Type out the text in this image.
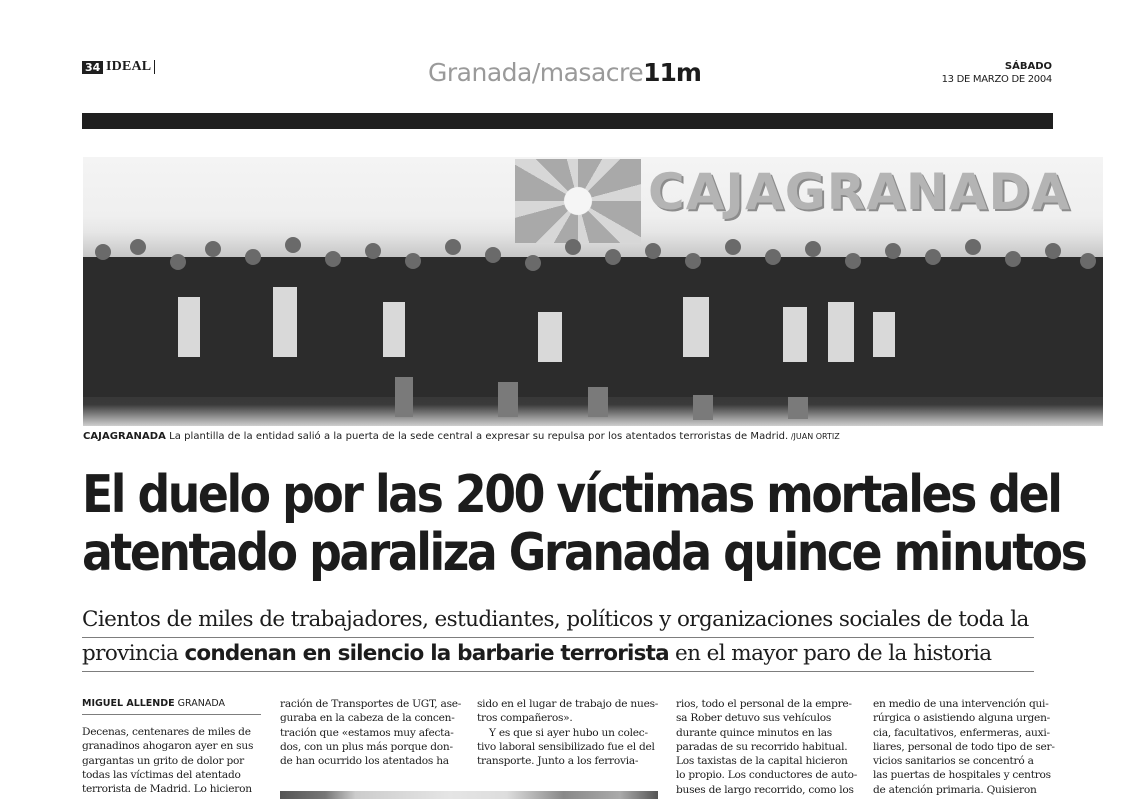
34 IDEAL	Granada/masacre11m	SÁBADO
13 DE MARZO DE 2004
CAJAGRANADA
CAJAGRANADA La plantilla de la entidad salió a la puerta de la sede central a expresar su repulsa por los atentados terroristas de Madrid. /JUAN ORTIZ
El duelo por las 200 víctimas mortales del
atentado paraliza Granada quince minutos
Cientos de miles de trabajadores, estudiantes, políticos y organizaciones sociales de toda la
provincia condenan en silencio la barbarie terrorista en el mayor paro de la historia
MIGUEL ALLENDE GRANADA

Decenas, centenares de miles de

granadinos ahogaron ayer en sus

gargantas un grito de dolor por

todas las víctimas del atentado

terrorista de Madrid. Lo hicieron

ración de Transportes de UGT, ase-

guraba en la cabeza de la concen-

tración que «estamos muy afecta-

dos, con un plus más porque don-

de han ocurrido los atentados ha

sido en el lugar de trabajo de nues-

tros compañeros».

Y es que si ayer hubo un colec-

tivo laboral sensibilizado fue el del

transporte. Junto a los ferrovia-

rios, todo el personal de la empre-

sa Rober detuvo sus vehículos

durante quince minutos en las

paradas de su recorrido habitual.

Los taxistas de la capital hicieron

lo propio. Los conductores de auto-

buses de largo recorrido, como los

en medio de una intervención qui-

rúrgica o asistiendo alguna urgen-

cia, facultativos, enfermeras, auxi-

liares, personal de todo tipo de ser-

vicios sanitarios se concentró a

las puertas de hospitales y centros

de atención primaria. Quisieron
